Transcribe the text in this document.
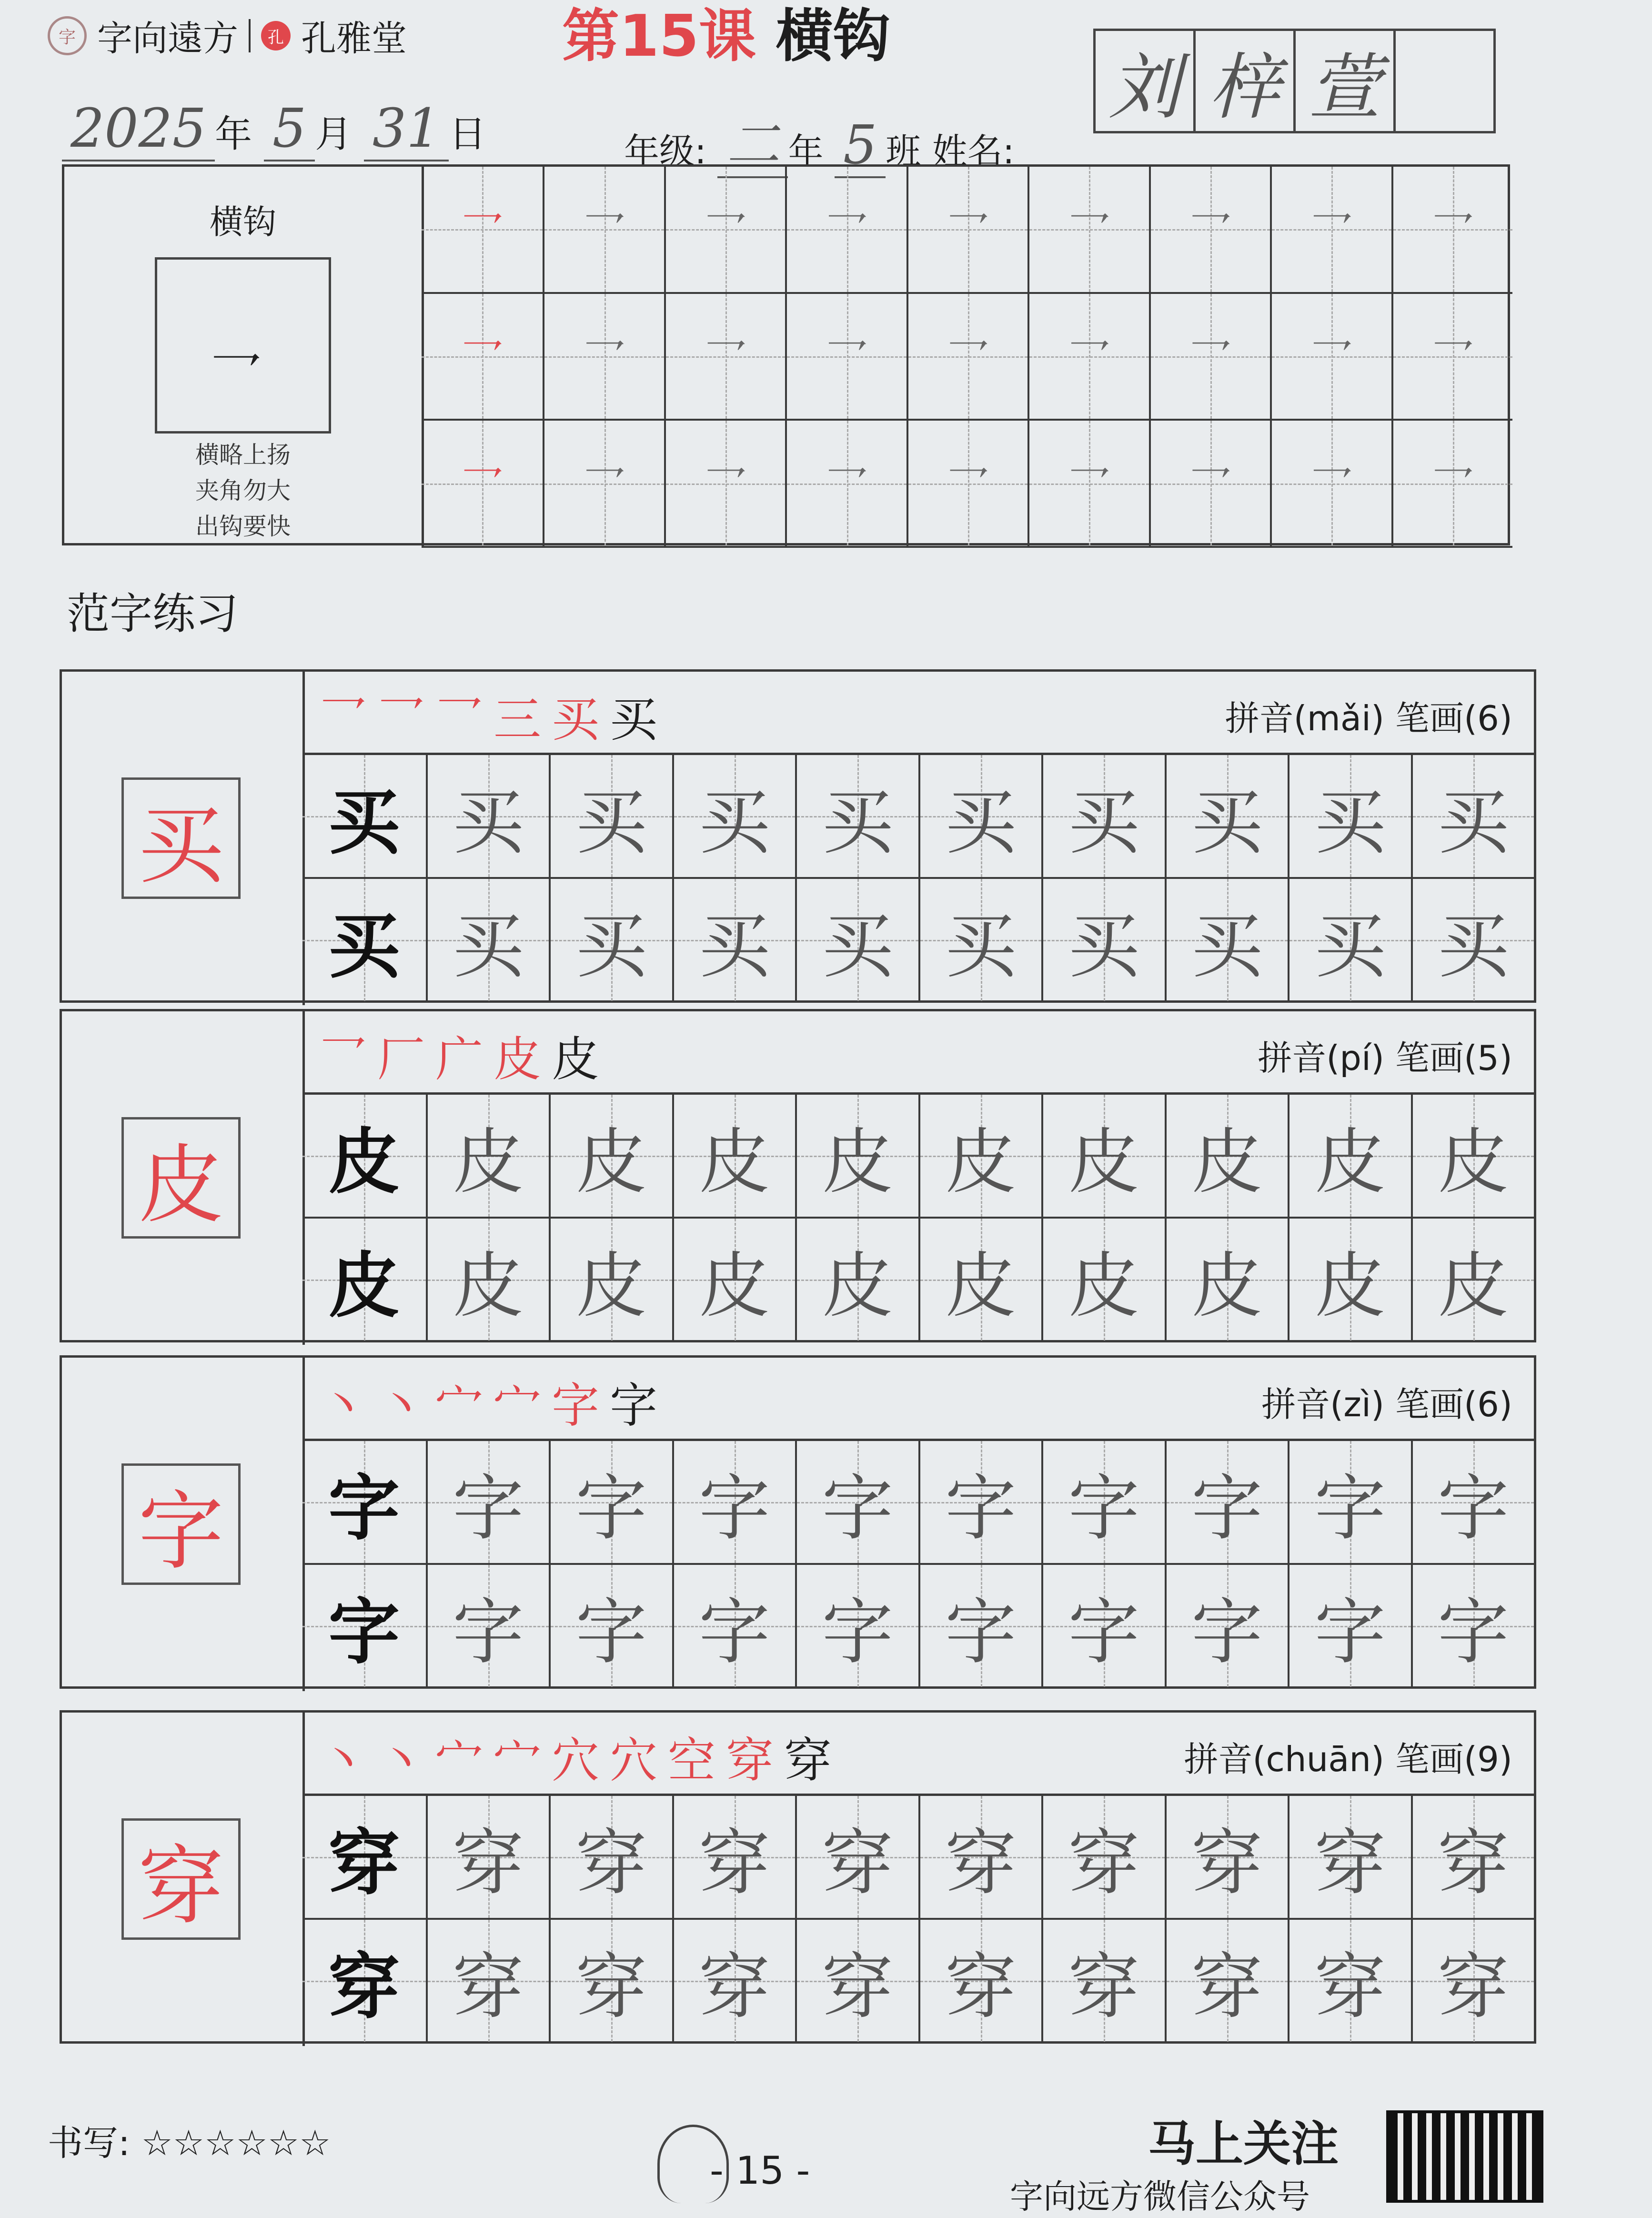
字 字向遠方	孔 孔雅堂	第15课 横钩
2025 年 5 月 31 日	年级: 二 年 5 班 姓名:
刘 梓 萱
横钩
乛
横略上扬
夹角勿大
出钩要快
乛 乛 乛 乛 乛 乛 乛 乛 乛
乛 乛 乛 乛 乛 乛 乛 乛 乛
乛 乛 乛 乛 乛 乛 乛 乛 乛
范字练习
买
乛乛乛三买买	拼音(mǎi) 笔画(6)
买 买 买 买 买 买 买 买 买 买
买 买 买 买 买 买 买 买 买 买
皮
乛厂广皮皮	拼音(pí) 笔画(5)
皮 皮 皮 皮 皮 皮 皮 皮 皮 皮
皮 皮 皮 皮 皮 皮 皮 皮 皮 皮
字
丶丶宀宀字字	拼音(zì) 笔画(6)
字 字 字 字 字 字 字 字 字 字
字 字 字 字 字 字 字 字 字 字
穿
丶丶宀宀穴穴空穿穿	拼音(chuān) 笔画(9)
穿 穿 穿 穿 穿 穿 穿 穿 穿 穿
穿 穿 穿 穿 穿 穿 穿 穿 穿 穿
书写: ☆☆☆☆☆☆
- 15 -	马上关注
字向远方微信公众号
